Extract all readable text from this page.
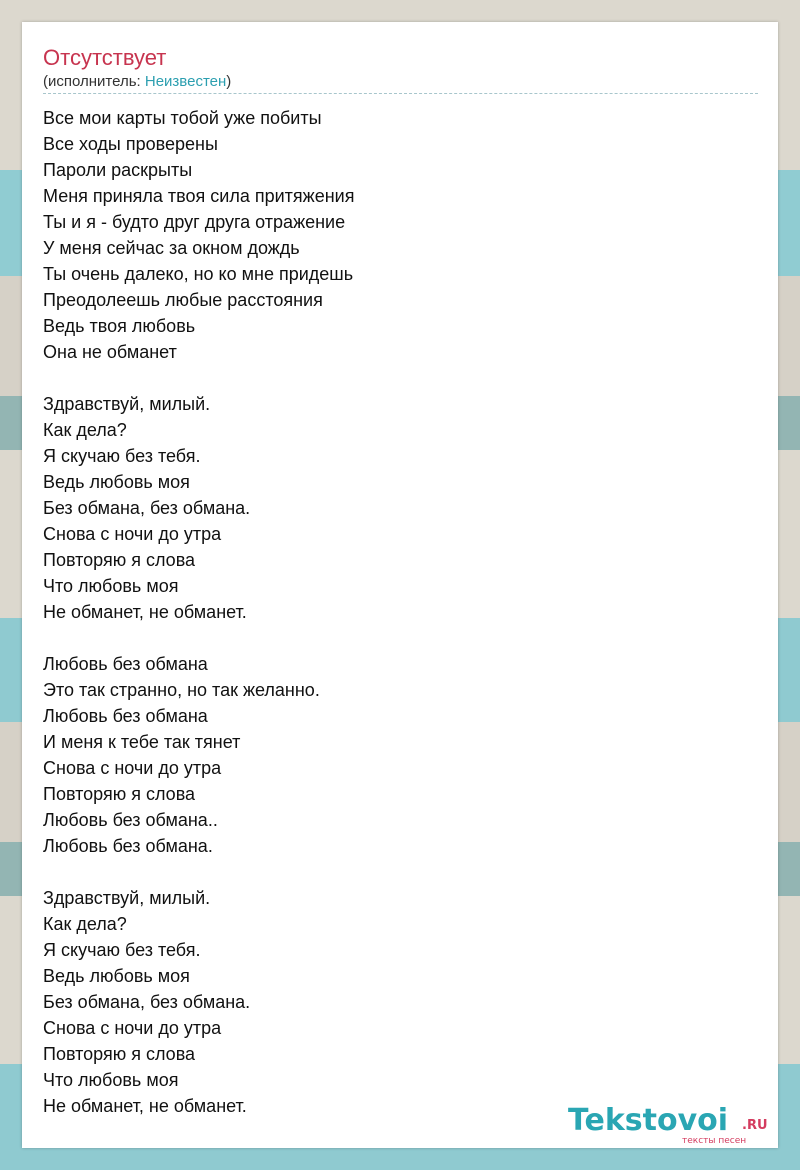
Отсутствует
(исполнитель: Неизвестен)
Все мои карты тобой уже побиты
Все ходы проверены
Пароли раскрыты
Меня приняла твоя сила притяжения
Ты и я - будто друг друга отражение
У меня сейчас за окном дождь
Ты очень далеко, но ко мне придешь
Преодолеешь любые расстояния
Ведь твоя любовь
Она не обманет
Здравствуй, милый.
Как дела?
Я скучаю без тебя.
Ведь любовь моя
Без обмана, без обмана.
Снова с ночи до утра
Повторяю я слова
Что любовь моя
Не обманет, не обманет.
Любовь без обмана
Это так странно, но так желанно.
Любовь без обмана
И меня к тебе так тянет
Снова с ночи до утра
Повторяю я слова
Любовь без обмана..
Любовь без обмана.
Здравствуй, милый.
Как дела?
Я скучаю без тебя.
Ведь любовь моя
Без обмана, без обмана.
Снова с ночи до утра
Повторяю я слова
Что любовь моя
Не обманет, не обманет.	Tekstovoi .RU
тексты песен
